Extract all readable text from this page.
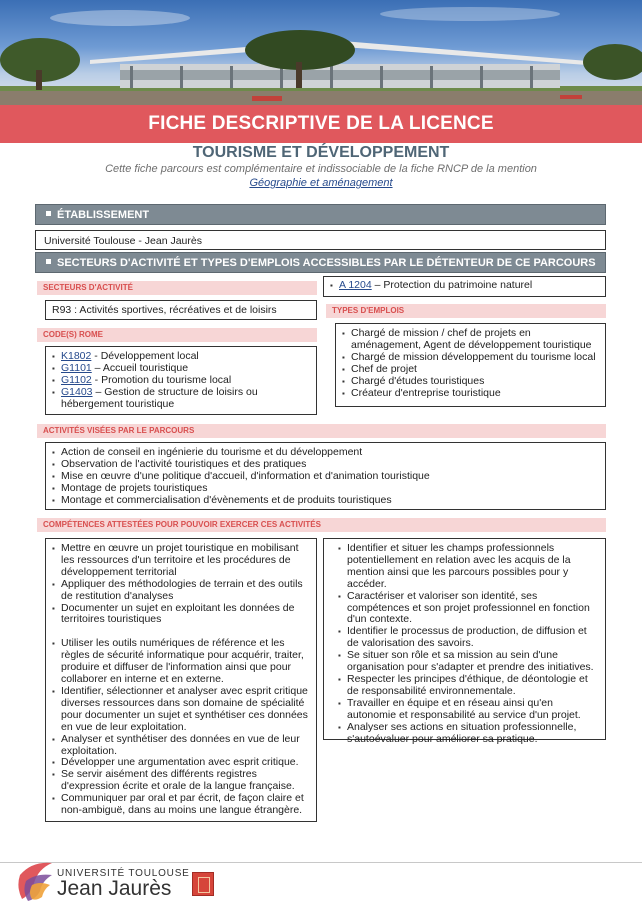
FICHE DESCRIPTIVE DE LA LICENCE
TOURISME ET DÉVELOPPEMENT
Cette fiche parcours est complémentaire et indissociable de la fiche RNCP de la mention
Géographie et aménagement
ÉTABLISSEMENT
Université Toulouse - Jean Jaurès
SECTEURS D'ACTIVITÉ ET TYPES D'EMPLOIS ACCESSIBLES PAR LE DÉTENTEUR DE CE PARCOURS
SECTEURS D'ACTIVITÉ
R93 : Activités sportives, récréatives et de loisirs
CODE(S) ROME
▪ K1802 - Développement local
▪ G1101 – Accueil touristique
▪ G1102 - Promotion du tourisme local
▪ G1403 – Gestion de structure de loisirs ou hébergement touristique
▪ A 1204 – Protection du patrimoine naturel
TYPES D'EMPLOIS
▪ Chargé de mission / chef de projets en aménagement, Agent de développement touristique
▪ Chargé de mission développement du tourisme local
▪ Chef de projet
▪ Chargé d'études touristiques
▪ Créateur d'entreprise touristique
ACTIVITÉS VISÉES PAR LE PARCOURS
▪ Action de conseil en ingénierie du tourisme et du développement
▪ Observation de l'activité touristiques et des pratiques
▪ Mise en œuvre d'une politique d'accueil, d'information et d'animation touristique
▪ Montage de projets touristiques
▪ Montage et commercialisation d'évènements et de produits touristiques
COMPÉTENCES ATTESTÉES POUR POUVOIR EXERCER CES ACTIVITÉS
▪ Mettre en œuvre un projet touristique en mobilisant les ressources d'un territoire et les procédures de développement territorial
▪ Appliquer des méthodologies de terrain et des outils de restitution d'analyses
▪ Documenter un sujet en exploitant les données de territoires touristiques
▪ Utiliser les outils numériques de référence et les règles de sécurité informatique pour acquérir, traiter, produire et diffuser de l'information ainsi que pour collaborer en interne et en externe.
▪ Identifier, sélectionner et analyser avec esprit critique diverses ressources dans son domaine de spécialité pour documenter un sujet et synthétiser ces données en vue de leur exploitation.
▪ Analyser et synthétiser des données en vue de leur exploitation.
▪ Développer une argumentation avec esprit critique.
▪ Se servir aisément des différents registres d'expression écrite et orale de la langue française.
▪ Communiquer par oral et par écrit, de façon claire et non-ambiguë, dans au moins une langue étrangère.
▪ Identifier et situer les champs professionnels potentiellement en relation avec les acquis de la mention ainsi que les parcours possibles pour y accéder.
▪ Caractériser et valoriser son identité, ses compétences et son projet professionnel en fonction d'un contexte.
▪ Identifier le processus de production, de diffusion et de valorisation des savoirs.
▪ Se situer son rôle et sa mission au sein d'une organisation pour s'adapter et prendre des initiatives.
▪ Respecter les principes d'éthique, de déontologie et de responsabilité environnementale.
▪ Travailler en équipe et en réseau ainsi qu'en autonomie et responsabilité au service d'un projet.
▪ Analyser ses actions en situation professionnelle, s'autoévaluer pour améliorer sa pratique.
UNIVERSITÉ TOULOUSE
Jean Jaurès
